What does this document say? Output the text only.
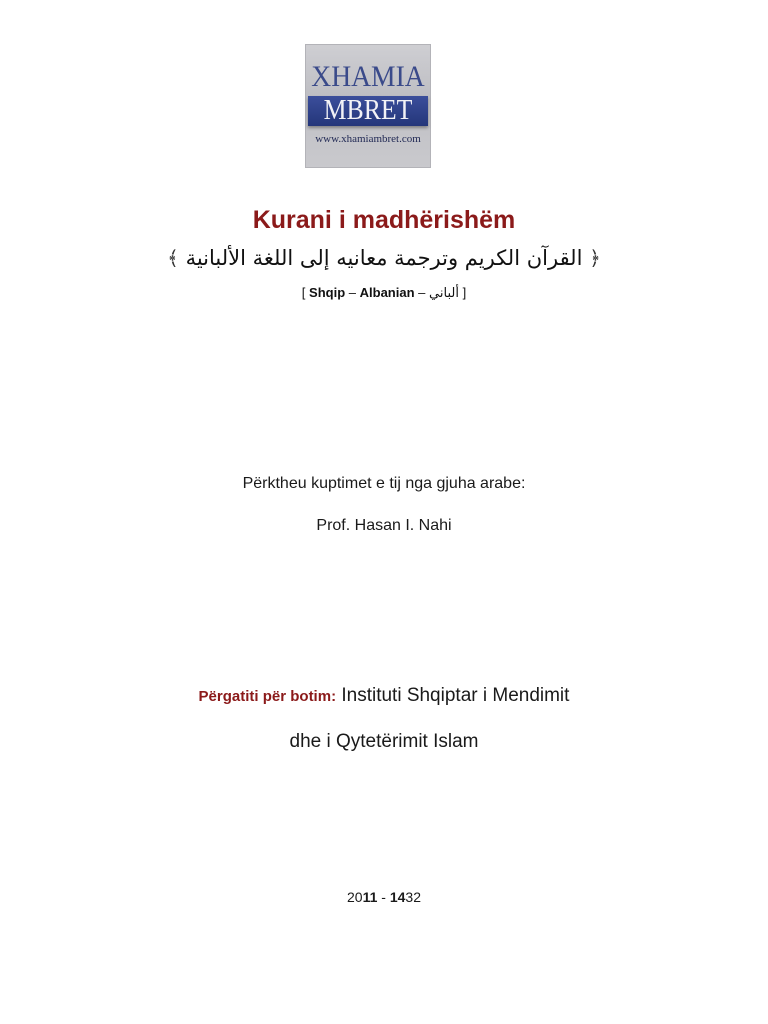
XHAMIA
MBRET
www.xhamiambret.com
Kurani i madhërishëm
﴿ القرآن الكريم وترجمة معانيه إلى اللغة الألبانية ﴾
[ Shqip – Albanian – ألباني ]
Përktheu kuptimet e tij nga gjuha arabe:
Prof. Hasan I. Nahi
Përgatiti për botim: Instituti Shqiptar i Mendimit
dhe i Qytetërimit Islam
2011 - 1432
